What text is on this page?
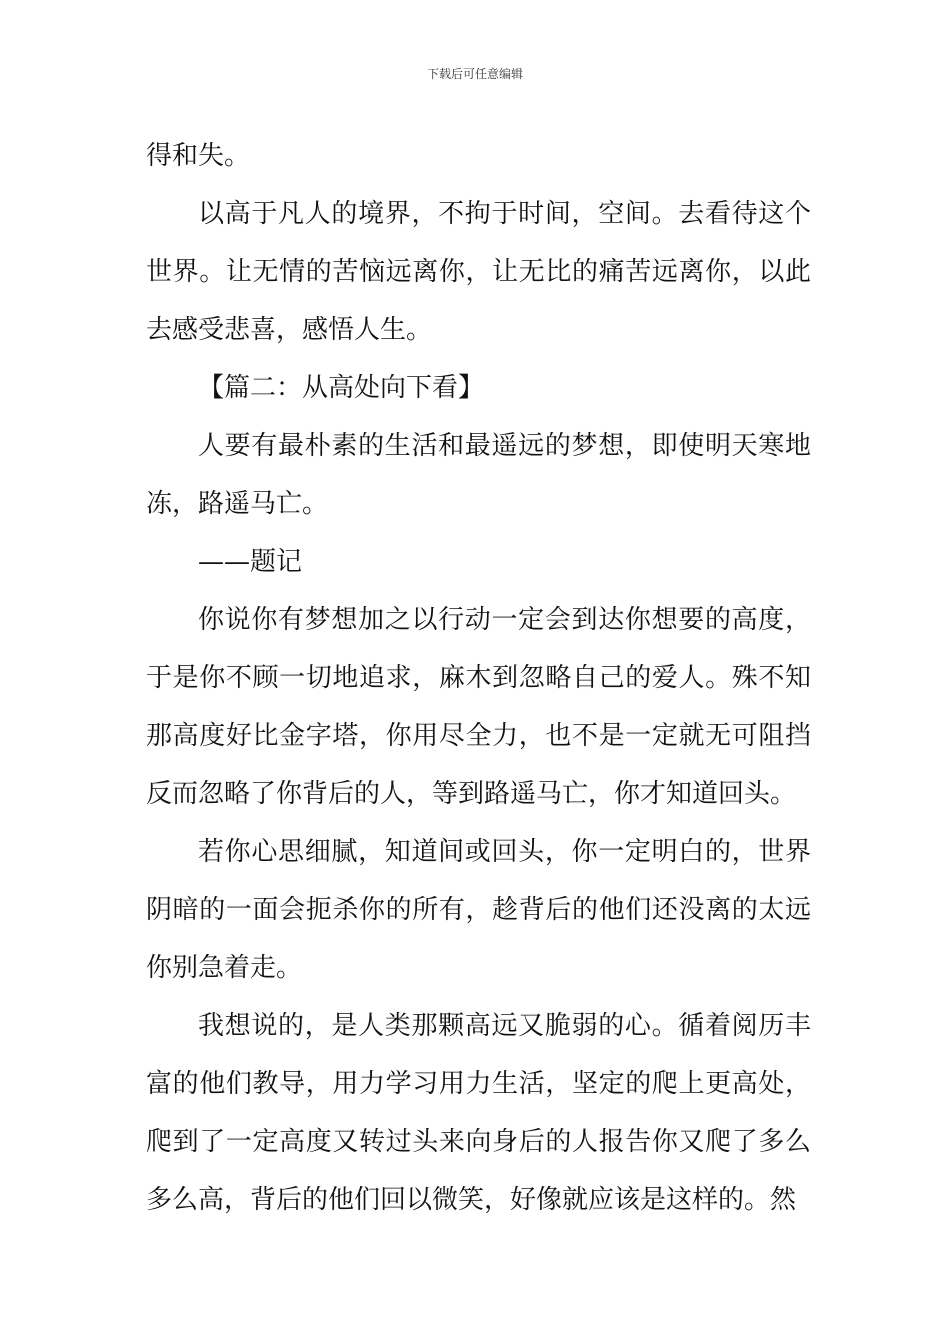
下载后可任意编辑

得和失。

以高于凡人的境界，不拘于时间，空间。去看待这个世界。让无情的苦恼远离你，让无比的痛苦远离你，以此去感受悲喜，感悟人生。

【篇二：从高处向下看】

人要有最朴素的生活和最遥远的梦想，即使明天寒地冻，路遥马亡。

——题记

你说你有梦想加之以行动一定会到达你想要的高度，于是你不顾一切地追求，麻木到忽略自己的爱人。殊不知那高度好比金字塔，你用尽全力，也不是一定就无可阻挡反而忽略了你背后的人，等到路遥马亡，你才知道回头。

若你心思细腻，知道间或回头，你一定明白的，世界阴暗的一面会扼杀你的所有，趁背后的他们还没离的太远你别急着走。

我想说的，是人类那颗高远又脆弱的心。循着阅历丰富的他们教导，用力学习用力生活，坚定的爬上更高处，爬到了一定高度又转过头来向身后的人报告你又爬了多么多么高，背后的他们回以微笑，好像就应该是这样的。然
